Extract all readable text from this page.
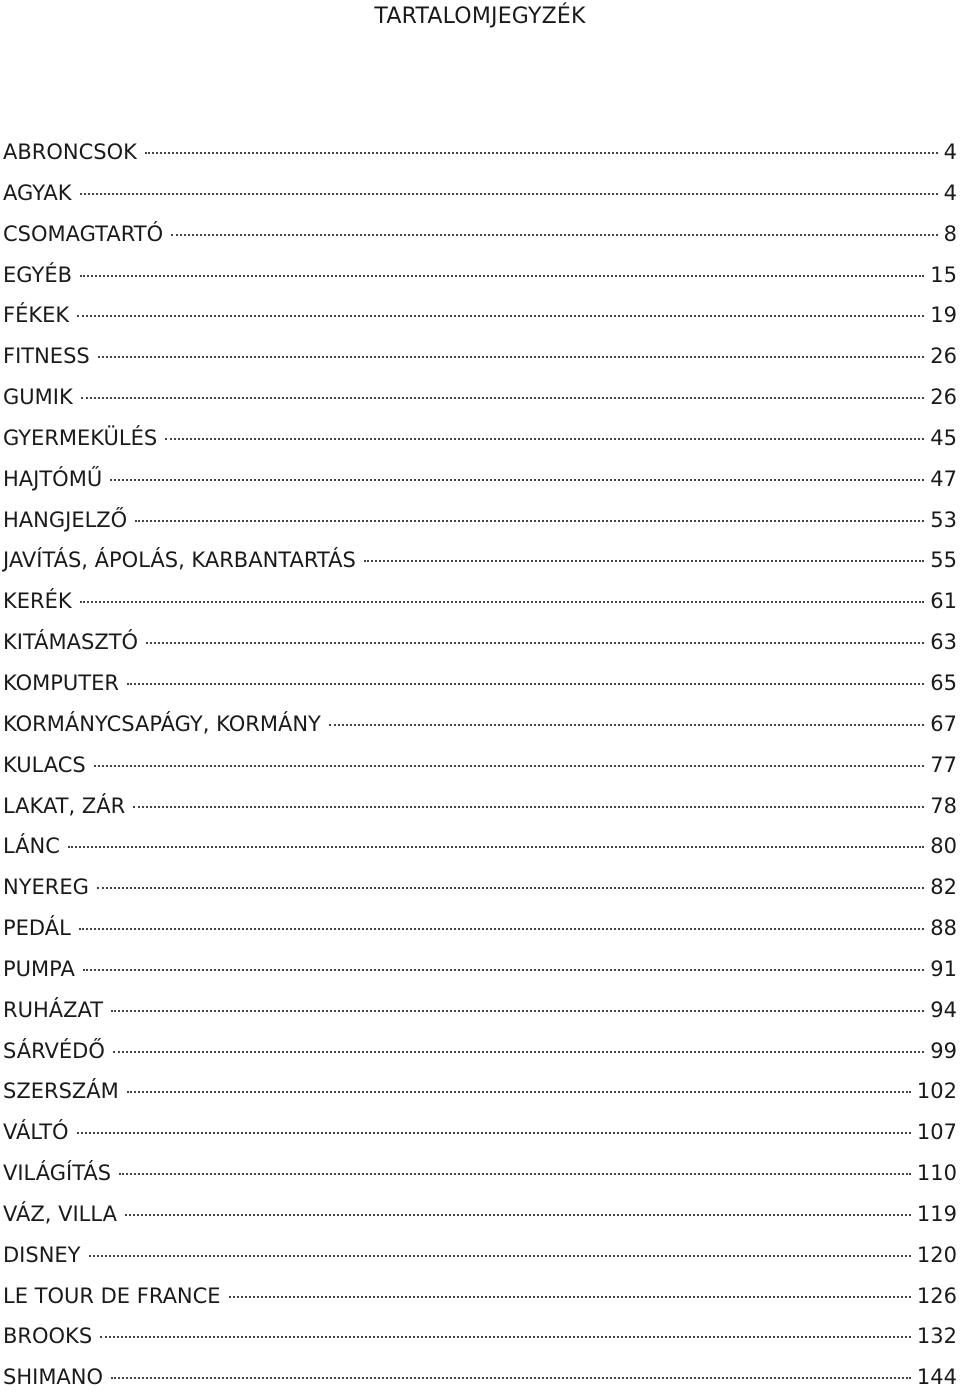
TARTALOMJEGYZÉK
ABRONCSOK	4
AGYAK	4
CSOMAGTARTÓ	8
EGYÉB	15
FÉKEK	19
FITNESS	26
GUMIK	26
GYERMEKÜLÉS	45
HAJTÓMŰ	47
HANGJELZŐ	53
JAVÍTÁS, ÁPOLÁS, KARBANTARTÁS	55
KERÉK	61
KITÁMASZTÓ	63
KOMPUTER	65
KORMÁNYCSAPÁGY, KORMÁNY	67
KULACS	77
LAKAT, ZÁR	78
LÁNC	80
NYEREG	82
PEDÁL	88
PUMPA	91
RUHÁZAT	94
SÁRVÉDŐ	99
SZERSZÁM	102
VÁLTÓ	107
VILÁGÍTÁS	110
VÁZ, VILLA	119
DISNEY	120
LE TOUR DE FRANCE	126
BROOKS	132
SHIMANO	144
